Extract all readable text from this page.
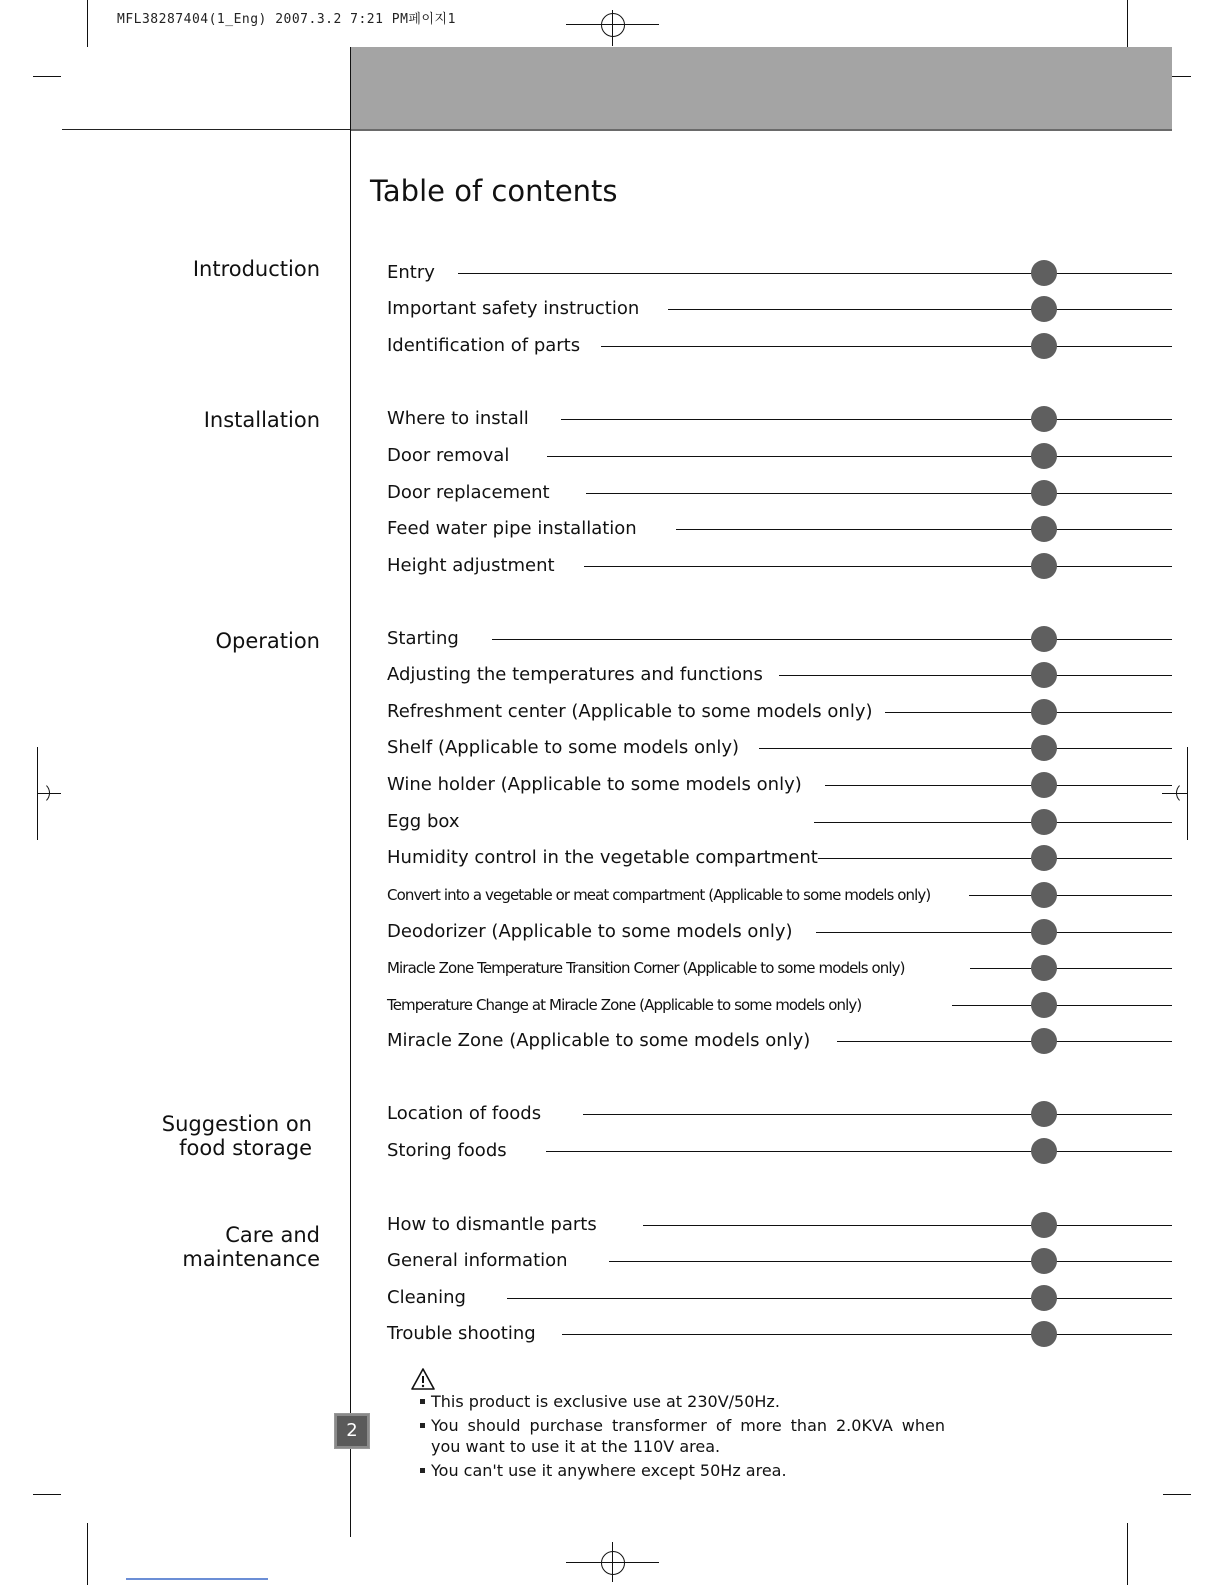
MFL38287404(1_Eng) 2007.3.2 7:21 PM페이지1
Table of contents
Introduction
Installation
Operation
Suggestion on
food storage
Care and
maintenance
Entry
Important safety instruction
Identification of parts
Where to install
Door removal
Door replacement
Feed water pipe installation
Height adjustment
Starting
Adjusting the temperatures and functions
Refreshment center (Applicable to some models only)
Shelf (Applicable to some models only)
Wine holder (Applicable to some models only)
Egg box
Humidity control in the vegetable compartment
Convert into a vegetable or meat compartment (Applicable to some models only)
Deodorizer (Applicable to some models only)
Miracle Zone Temperature Transition Corner (Applicable to some models only)
Temperature Change at Miracle Zone (Applicable to some models only)
Miracle Zone (Applicable to some models only)
Location of foods
Storing foods
How to dismantle parts
General information
Cleaning
Trouble shooting
This product is exclusive use at 230V/50Hz.
You should purchase transformer of more than 2.0KVA when you want to use it at the 110V area.
You can't use it anywhere except 50Hz area.
2
